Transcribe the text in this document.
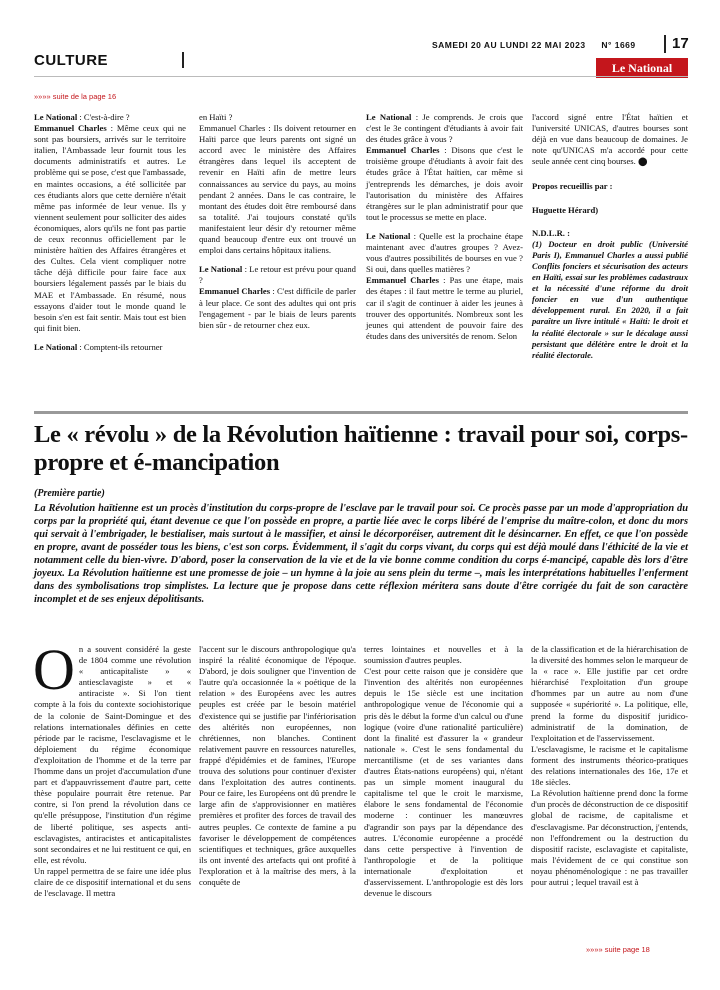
CULTURE
SAMEDI 20 AU LUNDI 22 MAI 2023 N° 1669 17
Le National
»»»» suite de la page 16

Le National : C'est-à-dire ?

Emmanuel Charles : Même ceux qui ne sont pas boursiers, arrivés sur le territoire italien, l'Ambassade leur fournit tous les documents administratifs et autres. Le problème qui se pose, c'est que l'ambassade, en maintes occasions, a été sollicitée par ces étudiants alors que cette dernière n'était même pas informée de leur venue. Ils y viennent seulement pour solliciter des aides économiques, alors qu'ils ne font pas partie de ceux reconnus officiellement par le ministère haïtien des Affaires étrangères et des Cultes. Cela vient compliquer notre tâche déjà difficile pour faire face aux boursiers légalement passés par le biais du MAE et l'Ambassade. En résumé, nous essayons d'aider tout le monde quand le besoin s'en est fait sentir. Mais tout est bien qui finit bien.

Le National : Comptent-ils retourner

en Haïti ?

Emmanuel Charles : Ils doivent retourner en Haïti parce que leurs parents ont signé un accord avec le ministère des Affaires étrangères dans lequel ils acceptent de revenir en Haïti afin de mettre leurs connaissances au service du pays, au moins pendant 2 années. Dans le cas contraire, le montant des études doit être remboursé dans sa totalité. J'ai toujours constaté qu'ils manifestaient leur désir d'y retourner même quand beaucoup d'entre eux ont trouvé un emploi dans certains hôpitaux italiens.

Le National : Le retour est prévu pour quand ?

Emmanuel Charles : C'est difficile de parler à leur place. Ce sont des adultes qui ont pris l'engagement - par le biais de leurs parents bien sûr - de retourner chez eux.

Le National : Je comprends. Je crois que c'est le 3e contingent d'étudiants à avoir fait des études grâce à vous ?

Emmanuel Charles : Disons que c'est le troisième groupe d'étudiants à avoir fait des études grâce à l'État haïtien, car même si j'entreprends les démarches, je dois avoir l'autorisation du ministère des Affaires étrangères sur le plan administratif pour que tout le processus se mette en place.

Le National : Quelle est la prochaine étape maintenant avec d'autres groupes ? Avez-vous d'autres possibilités de bourses en vue ? Si oui, dans quelles matières ?

Emmanuel Charles : Pas une étape, mais des étapes : il faut mettre le terme au pluriel, car il s'agit de continuer à aider les jeunes à trouver des opportunités. Nombreux sont les jeunes qui attendent de pouvoir faire des études dans des universités de renom. Selon

l'accord signé entre l'État haïtien et l'université UNICAS, d'autres bourses sont déjà en vue dans beaucoup de domaines. Je note qu'UNICAS m'a accordé pour cette seule année cent cinq bourses. ⬤

Propos recueillis par :

Huguette Hérard)

N.D.L.R. :

(1) Docteur en droit public (Université Paris I), Emmanuel Charles a aussi publié Conflits fonciers et sécurisation des acteurs en Haïti, essai sur les problèmes cadastraux et la nécessité d'une réforme du droit foncier en vue d'un authentique développement rural. En 2020, il a fait paraître un livre intitulé « Haïti: le droit et la réalité électorale » sur le décalage aussi persistant que délétère entre le droit et la réalité électorale.

Le « révolu » de la Révolution haïtienne : travail pour soi, corps-propre et é-mancipation
(Première partie)
La Révolution haïtienne est un procès d'institution du corps-propre de l'esclave par le travail pour soi. Ce procès passe par un mode d'appropriation du corps par la propriété qui, étant devenue ce que l'on possède en propre, a partie liée avec le corps libéré de l'emprise du maître-colon, et donc du mors qui servait à l'embrigader, le bestialiser, mais surtout à le massifier, et ainsi le décorporéiser, autrement dit le désincarner. En effet, ce que l'on possède en propre, avant de posséder tous les biens, c'est son corps. Évidemment, il s'agit du corps vivant, du corps qui est déjà moulé dans l'éthicité de la vie et notamment celle du bien-vivre. D'abord, poser la conservation de la vie et de la vie bonne comme condition du corps é-mancipé, capable dès lors d'être joyeux. La Révolution haïtienne est une promesse de joie – un hymne à la joie au sens plein du terme –, mais les interprétations habituelles l'enferment dans des symbolisations trop simplistes. La lecture que je propose dans cette réflexion méritera sans doute d'être corrigée du fait de son caractère incomplet et de ses enjeux dépolitisants.

On a souvent considéré la geste de 1804 comme une révolution « anticapitaliste » « antiesclavagiste » et « antiraciste ». Si l'on tient compte à la fois du contexte sociohistorique de la colonie de Saint-Domingue et des relations internationales définies en cette période par le racisme, l'esclavagisme et le déploiement du régime économique d'exploitation de l'homme et de la terre par l'homme dans un projet d'accumulation d'une part et d'appauvrissement d'autre part, cette thèse populaire pourrait être retenue. Par contre, si l'on prend la révolution dans ce qu'elle présuppose, l'institution d'un régime de liberté politique, ses aspects anti-esclavagistes, antiracistes et anticapitalistes sont secondaires et ne lui restituent ce qui, en elle, est révolu.

Un rappel permettra de se faire une idée plus claire de ce dispositif international et du sens de l'esclavage. Il mettra

l'accent sur le discours anthropologique qu'a inspiré la réalité économique de l'époque. D'abord, je dois souligner que l'invention de l'autre qu'a occasionnée la « poétique de la relation » des Européens avec les autres peuples est créée par le besoin matériel d'existence qui se justifie par l'infériorisation des altérités non européennes, non chrétiennes, non blanches. Continent relativement pauvre en ressources naturelles, frappé d'épidémies et de famines, l'Europe trouva des solutions pour continuer d'exister dans l'exploitation des autres continents. Pour ce faire, les Européens ont dû prendre le large afin de s'approvisionner en matières premières et profiter des forces de travail des autres peuples. Ce contexte de famine a pu favoriser le développement de compétences scientifiques et techniques, grâce auxquelles ils ont inventé des artefacts qui ont profité à l'exploration et à la maîtrise des mers, à la conquête de

terres lointaines et nouvelles et à la soumission d'autres peuples.

C'est pour cette raison que je considère que l'invention des altérités non européennes depuis le 15e siècle est une incitation anthropologique venue de l'économie qui a pris dès le début la forme d'un calcul ou d'une logique (voire d'une rationalité particulière) dont la finalité est d'assurer la « grandeur nationale ». C'est le sens fondamental du mercantilisme (et de ses variantes dans d'autres États-nations européens) qui, n'étant pas un simple moment inaugural du capitalisme tel que le croit le marxisme, élabore le sens fondamental de l'économie moderne : continuer les manœuvres d'agrandir son pays par la dépendance des autres. L'économie européenne a procédé dans cette perspective à l'invention de l'anthropologie et de la politique internationale d'exploitation et d'asservissement. L'anthropologie est dès lors devenue le discours

de la classification et de la hiérarchisation de la diversité des hommes selon le marqueur de la « race ». Elle justifie par cet ordre hiérarchisé l'exploitation d'un groupe d'hommes par un autre au nom d'une supposée « supériorité ». La politique, elle, prend la forme du dispositif juridico-administratif de la domination, de l'exploitation et de l'asservissement.

L'esclavagisme, le racisme et le capitalisme forment des instruments théorico-pratiques des relations internationales des 16e, 17e et 18e siècles.

La Révolution haïtienne prend donc la forme d'un procès de déconstruction de ce dispositif global de racisme, de capitalisme et d'esclavagisme. Par déconstruction, j'entends, non l'effondrement ou la destruction du dispositif raciste, esclavagiste et capitaliste, mais l'évidement de ce qui constitue son noyau phénoménologique : ne pas travailler pour autrui ; lequel travail est à

»»»» suite page 18
